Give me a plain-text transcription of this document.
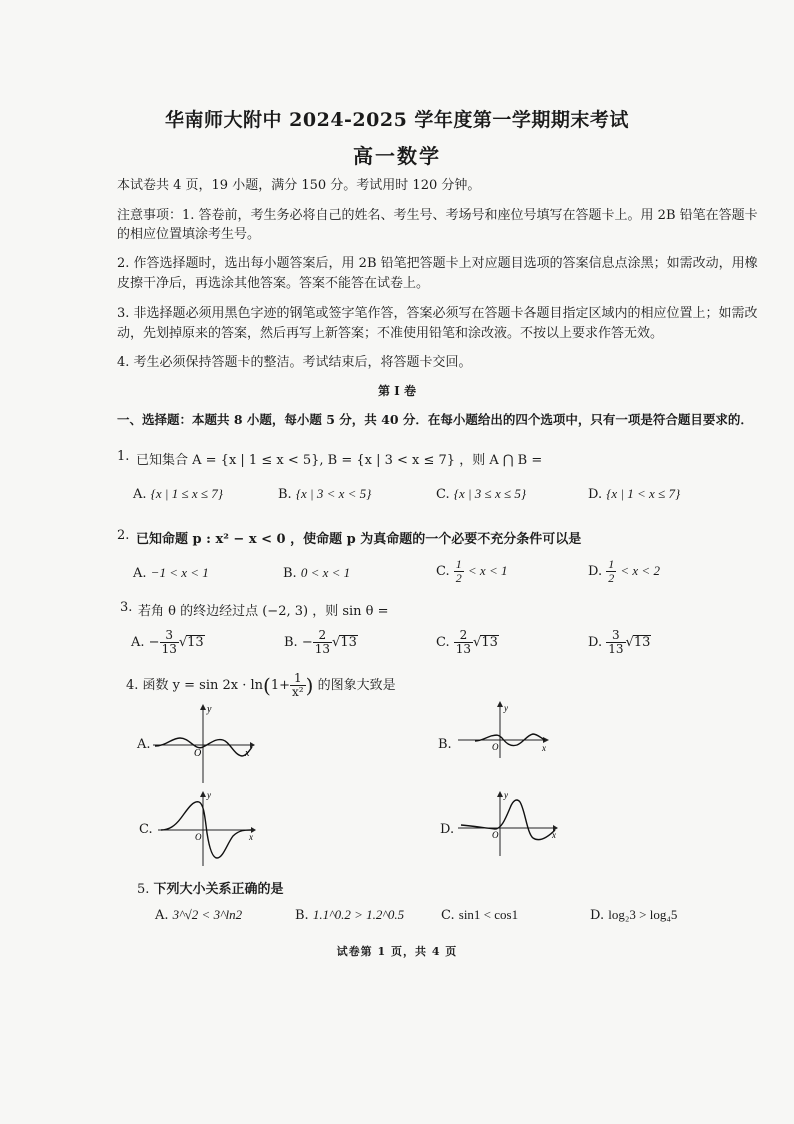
华南师大附中 2024-2025 学年度第一学期期末考试
高一数学
本试卷共 4 页，19 小题，满分 150 分。考试用时 120 分钟。
注意事项：1. 答卷前，考生务必将自己的姓名、考生号、考场号和座位号填写在答题卡上。用 2B 铅笔在答题卡
的相应位置填涂考生号。
2. 作答选择题时，选出每小题答案后，用 2B 铅笔把答题卡上对应题目选项的答案信息点涂黑；如需改动，用橡
皮擦干净后，再选涂其他答案。答案不能答在试卷上。
3. 非选择题必须用黑色字迹的钢笔或签字笔作答，答案必须写在答题卡各题目指定区域内的相应位置上；如需改
动，先划掉原来的答案，然后再写上新答案；不准使用铅笔和涂改液。不按以上要求作答无效。
4. 考生必须保持答题卡的整洁。考试结束后，将答题卡交回。
第 I 卷
一、选择题：本题共 8 小题，每小题 5 分，共 40 分．在每小题给出的四个选项中，只有一项是符合题目要求的．
1. 已知集合 A = {x | 1 ≤ x < 5}, B = {x | 3 < x ≤ 7} ，则 A ⋂ B =
A. {x | 1 ≤ x ≤ 7}	B. {x | 3 < x < 5}	C. {x | 3 ≤ x ≤ 5}	D. {x | 1 < x ≤ 7}
2. 已知命题 p : x² − x < 0 ，使命题 p 为真命题的一个必要不充分条件可以是
A. −1 < x < 1	B. 0 < x < 1	C. $\frac{1}{2} < x < 1$	D. $\frac{1}{2} < x < 2$
3. 若角 θ 的终边经过点 (−2, 3) ，则 sin θ =
A. − $\frac{3}{13} √13$	B. − $\frac{2}{13} √13$	C. $\frac{2}{13} √13$	D. $\frac{3}{13} √13$
4. 函数 $y = \sin 2x \cdot \ln(1+ \frac{1}{\text{x²}}$ ) 的图象大致是
A.
y
x
O
B.
y
x
O
C.
y
x
O	D.
y
x
O
5. 下列大小关系正确的是
A. 3^√2 < 3^ln2	B. 1.1^0.2 > 1.2^0.5	C. sin1 < cos1	D. log₂3 > log₄5
试卷第 1 页，共 4 页
